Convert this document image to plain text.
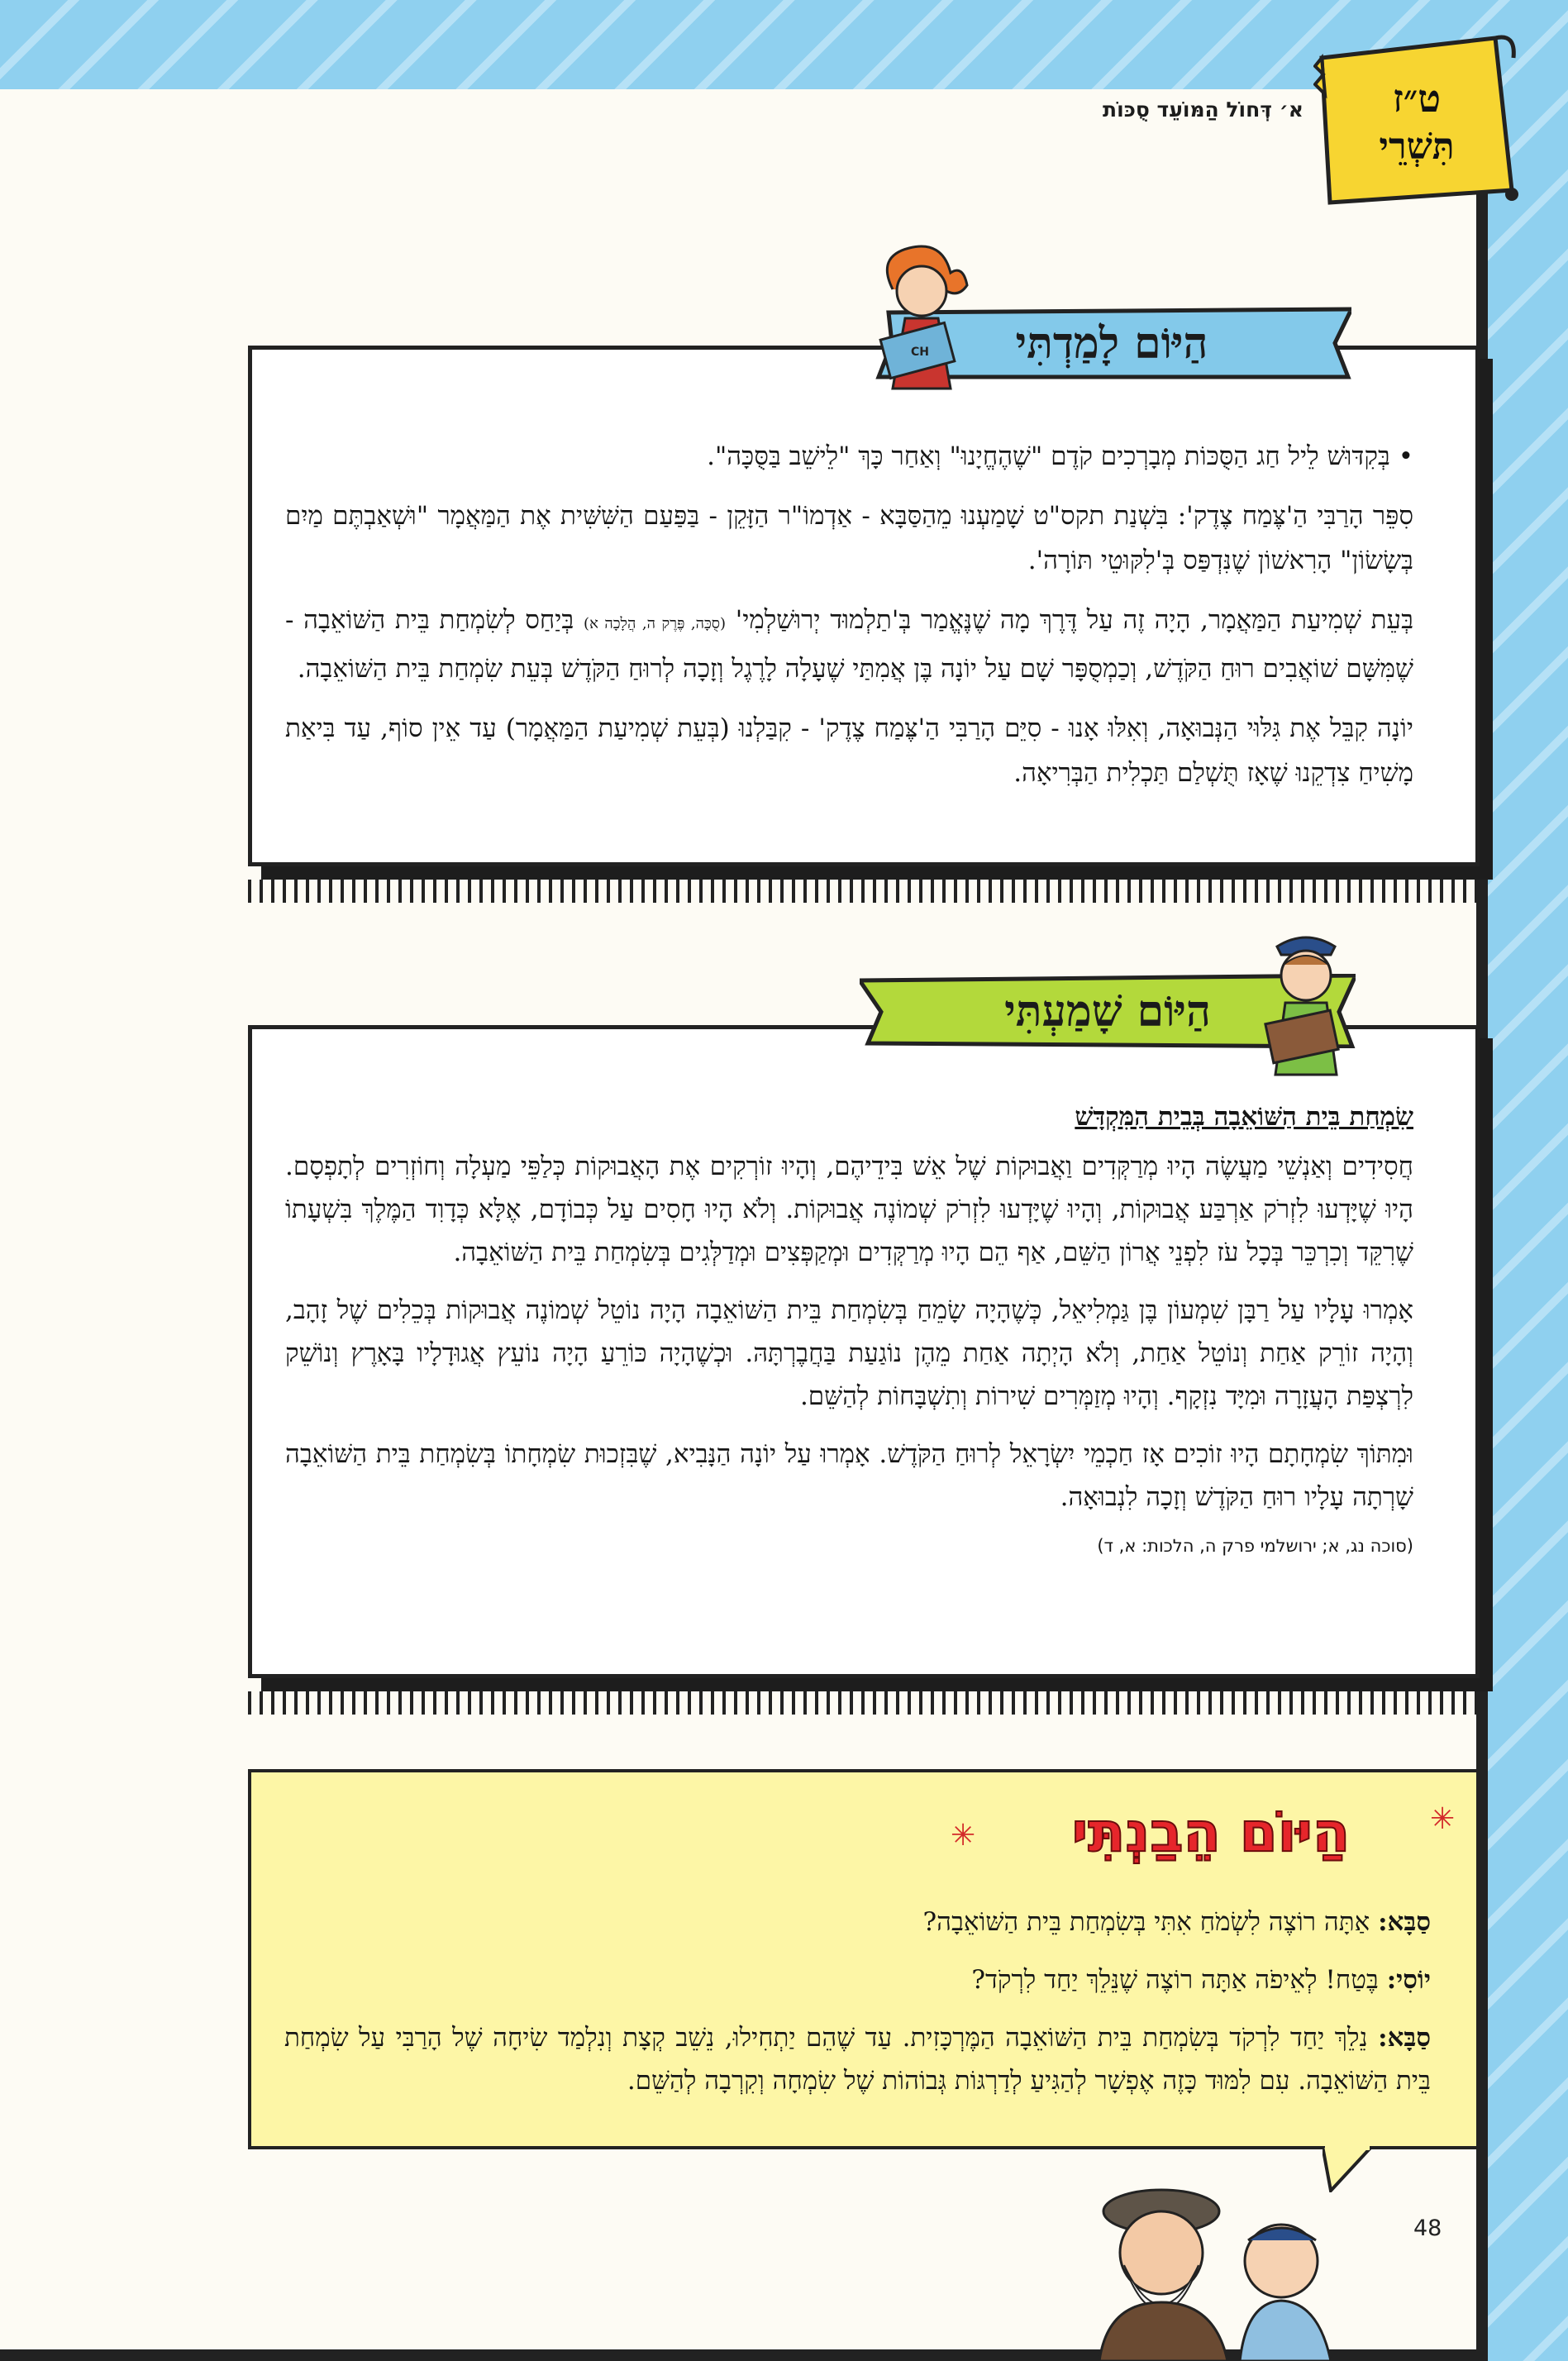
ט״ז
תִּשְׁרֵי
א׳ דְּחוֹל הַמּוֹעֵד סֻכּוֹת

• בְּקִדּוּשׁ לֵיל חַג הַסֻּכּוֹת מְבָרְכִים קֹדֶם "שֶׁהֶחֱיָנוּ" וְאַחַר כָּךְ "לֵישֵׁב בַּסֻּכָּה".

סִפֵּר הָרַבִּי הַ'צֶּמַח צֶדֶק': בִּשְׁנַת תקס"ט שָׁמַעְנוּ מֵהַסַּבָּא - אַדְמוֹ"ר הַזָּקֵן - בַּפַּעַם הַשִּׁשִּׁית אֶת הַמַּאֲמָר "וּשְׁאַבְתֶּם מַיִם בְּשָׂשׂוֹן" הָרִאשׁוֹן שֶׁנִּדְפַּס בְּ'לִקּוּטֵי תּוֹרָה'.

בְּעֵת שְׁמִיעַת הַמַּאֲמָר, הָיָה זֶה עַל דֶּרֶךְ מָה שֶׁנֶּאֱמַר בְּ'תַלְמוּד יְרוּשַׁלְמִי' (סֻכָּה, פֶּרֶק ה, הֲלָכָה א) בְּיַחַס לְשִׂמְחַת בֵּית הַשּׁוֹאֵבָה - שֶׁמִּשָּׁם שׁוֹאֲבִים רוּחַ הַקֹּדֶשׁ, וְכַמְסֻפָּר שָׁם עַל יוֹנָה בֶּן אֲמִתַּי שֶׁעָלָה לָרֶגֶל וְזָכָה לְרוּחַ הַקֹּדֶשׁ בְּעֵת שִׂמְחַת בֵּית הַשּׁוֹאֵבָה.

יוֹנָה קִבֵּל אֶת גִּלּוּי הַנְּבוּאָה, וְאִלּוּ אָנוּ - סִיֵּם הָרַבִּי הַ'צֶּמַח צֶדֶק' - קִבַּלְנוּ (בְּעֵת שְׁמִיעַת הַמַּאֲמָר) עַד אֵין סוֹף, עַד בִּיאַת מָשִׁיחַ צִדְקֵנוּ שֶׁאָז תֻּשְׁלַם תַּכְלִית הַבְּרִיאָה.

הַיּוֹם לָמַדְתִּי
CH

שִׂמְחַת בֵּית הַשּׁוֹאֵבָה בְּבֵית הַמִּקְדָּשׁ

חֲסִידִים וְאַנְשֵׁי מַעֲשֶׂה הָיוּ מְרַקְּדִים וַאֲבוּקוֹת שֶׁל אֵשׁ בִּידֵיהֶם, וְהָיוּ זוֹרְקִים אֶת הָאֲבוּקוֹת כְּלַפֵּי מַעְלָה וְחוֹזְרִים לְתָפְסָם. הָיוּ שֶׁיָּדְעוּ לִזְרֹק אַרְבַּע אֲבוּקוֹת, וְהָיוּ שֶׁיָּדְעוּ לִזְרֹק שְׁמוֹנֶה אֲבוּקוֹת. וְלֹא הָיוּ חָסִים עַל כְּבוֹדָם, אֶלָּא כְּדָוִד הַמֶּלֶךְ בִּשְׁעָתוֹ שֶׁרִקֵּד וְכִרְכֵּר בְּכָל עֹז לִפְנֵי אֲרוֹן הַשֵּׁם, אַף הֵם הָיוּ מְרַקְּדִים וּמְקַפְּצִים וּמְדַלְּגִים בְּשִׂמְחַת בֵּית הַשּׁוֹאֵבָה.

אָמְרוּ עָלָיו עַל רַבָּן שִׁמְעוֹן בֶּן גַּמְלִיאֵל, כְּשֶׁהָיָה שָׂמֵחַ בְּשִׂמְחַת בֵּית הַשּׁוֹאֵבָה הָיָה נוֹטֵל שְׁמוֹנֶה אֲבוּקוֹת בְּכֵלִים שֶׁל זָהָב, וְהָיָה זוֹרֵק אַחַת וְנוֹטֵל אַחַת, וְלֹא הָיְתָה אַחַת מֵהֶן נוֹגַעַת בַּחֲבֶרְתָּהּ. וּכְשֶׁהָיָה כּוֹרֵעַ הָיָה נוֹעֵץ אֲגוּדָלָיו בָּאָרֶץ וְנוֹשֵׁק לִרְצְפַּת הָעֲזָרָה וּמִיָּד נִזְקָף. וְהָיוּ מְזַמְּרִים שִׁירוֹת וְתִשְׁבָּחוֹת לְהַשֵּׁם.

וּמִתּוֹךְ שִׂמְחָתָם הָיוּ זוֹכִים אָז חַכְמֵי יִשְׂרָאֵל לְרוּחַ הַקֹּדֶשׁ. אָמְרוּ עַל יוֹנָה הַנָּבִיא, שֶׁבִּזְכוּת שִׂמְחָתוֹ בְּשִׂמְחַת בֵּית הַשּׁוֹאֵבָה שָׁרְתָה עָלָיו רוּחַ הַקֹּדֶשׁ וְזָכָה לִנְבוּאָה.

(סוכה נג, א; ירושלמי פרק ה, הלכות: א, ד)

הַיּוֹם שָׁמַעְתִּי

סַבָּא: אַתָּה רוֹצֶה לִשְׂמֹחַ אִתִּי בְּשִׂמְחַת בֵּית הַשּׁוֹאֵבָה?

יוֹסִי: בֶּטַח! לְאֵיפֹה אַתָּה רוֹצֶה שֶׁנֵּלֵךְ יַחַד לִרְקֹד?

סַבָּא: נֵלֵךְ יַחַד לִרְקֹד בְּשִׂמְחַת בֵּית הַשּׁוֹאֵבָה הַמֶּרְכָּזִית. עַד שֶׁהֵם יַתְחִילוּ, נֵשֵׁב קְצָת וְנִלְמַד שִׂיחָה שֶׁל הָרַבִּי עַל שִׂמְחַת בֵּית הַשּׁוֹאֵבָה. עִם לִמּוּד כָּזֶה אֶפְשָׁר לְהַגִּיעַ לְדַרְגּוֹת גְּבוֹהוֹת שֶׁל שִׂמְחָה וְקִרְבָה לְהַשֵּׁם.

הַיּוֹם הֵבַנְתִּי	✳
✳
48
